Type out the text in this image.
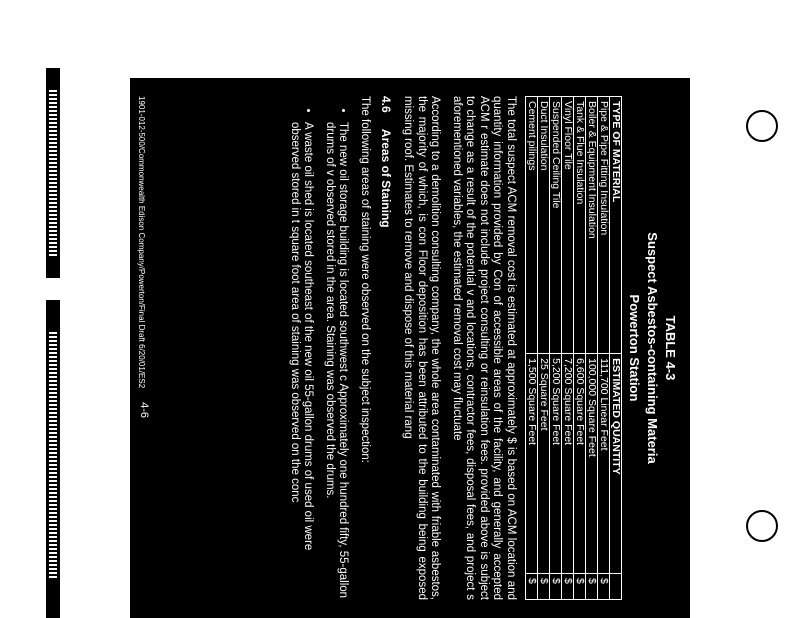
TABLE 4-3
Suspect Asbestos-containing Materia
Powerton Station
TYPE OF MATERIAL	ESTIMATED QUANTITY	
Pipe & Pipe Fitting Insulation	111,700 Linear Feet	$
Boiler & Equipment Insulation	100,000 Square Feet	$
Tank & Flue Insulation	6,600 Square Feet	$
Vinyl Floor Tile	7,200 Square Feet	$
Suspended Ceiling Tile	5,200 Square Feet	$
Duct Insulation	25 Square Feet	$
Cement pilings	1,500 Square Feet	$

The total suspect ACM removal cost is estimated at approximately $ is based on ACM location and quantity information provided by Con of accessible areas of the facility, and generally accepted ACM r estimate does not include project consulting or reinsulation fees. provided above is subject to change as a result of the potential v and locations, contractor fees, disposal fees, and project s aforementioned variables, the estimated removal cost may fluctuate

According to a demolition consulting company, the whole area contaminated with friable asbestos, the majority of which, is con Floor deposition has been attributed to the building being exposed missing roof. Estimates to remove and dispose of this material rang

4.6     Areas of Staining

The following areas of staining were observed on the subject inspection:

• The new oil storage building is located southwest c Approximately one hundred fifty, 55-gallon drums of v observed stored in the area. Staining was observed the drums.
• A waste oil shed is located southeast of the new oil 55-gallon drums of used oil were observed stored in t square foot area of staining was observed on the conc
1901-012-500/Commonwealth Edison Company/Powerton/Final Draft 6/20/01/ES2
4-6
